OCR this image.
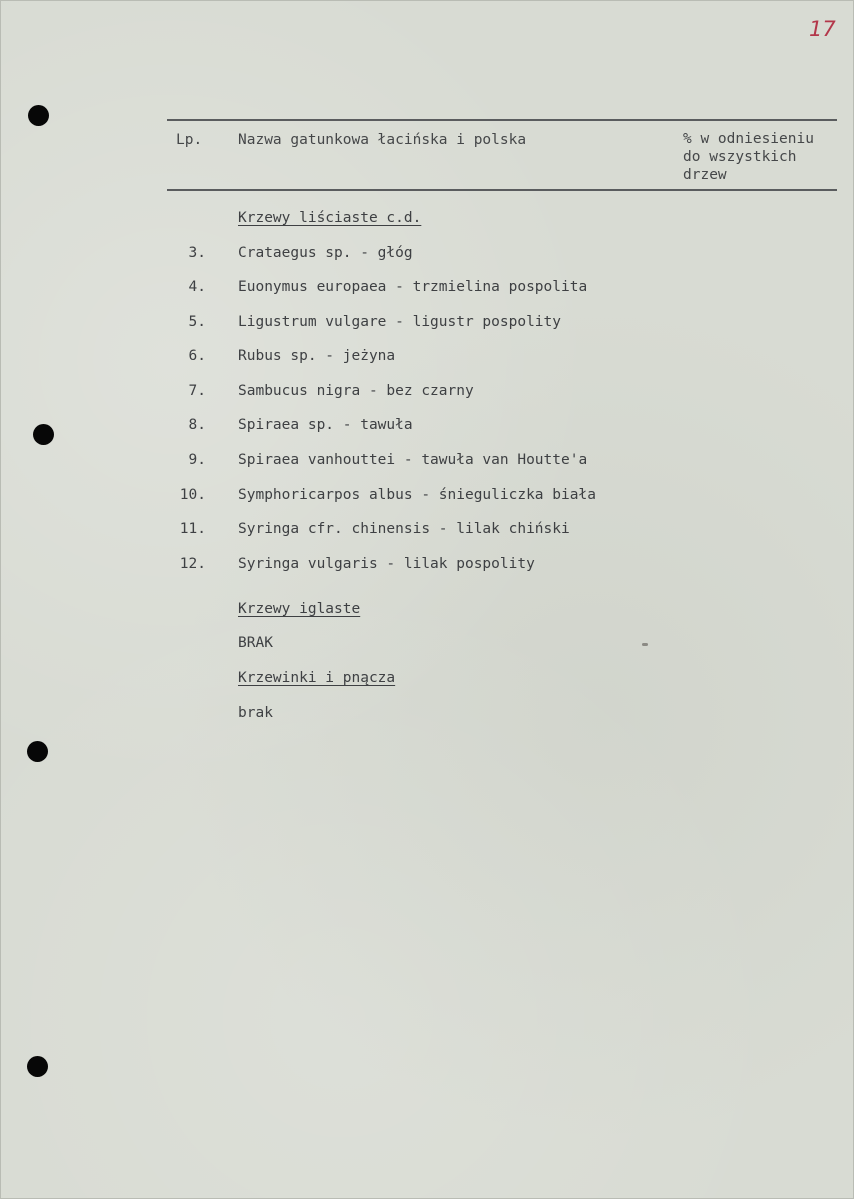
17
Lp. Nazwa gatunkowa łacińska i polska	% w odniesieniu
do wszystkich
drzew
Krzewy liściaste c.d.
3. Crataegus sp. - głóg
4. Euonymus europaea - trzmielina pospolita
5. Ligustrum vulgare - ligustr pospolity
6. Rubus sp. - jeżyna
7. Sambucus nigra - bez czarny
8. Spiraea sp. - tawuła
9. Spiraea vanhouttei - tawuła van Houtte'a
10. Symphoricarpos albus - śnieguliczka biała
11. Syringa cfr. chinensis - lilak chiński
12. Syringa vulgaris - lilak pospolity
Krzewy iglaste
BRAK
Krzewinki i pnącza
brak
